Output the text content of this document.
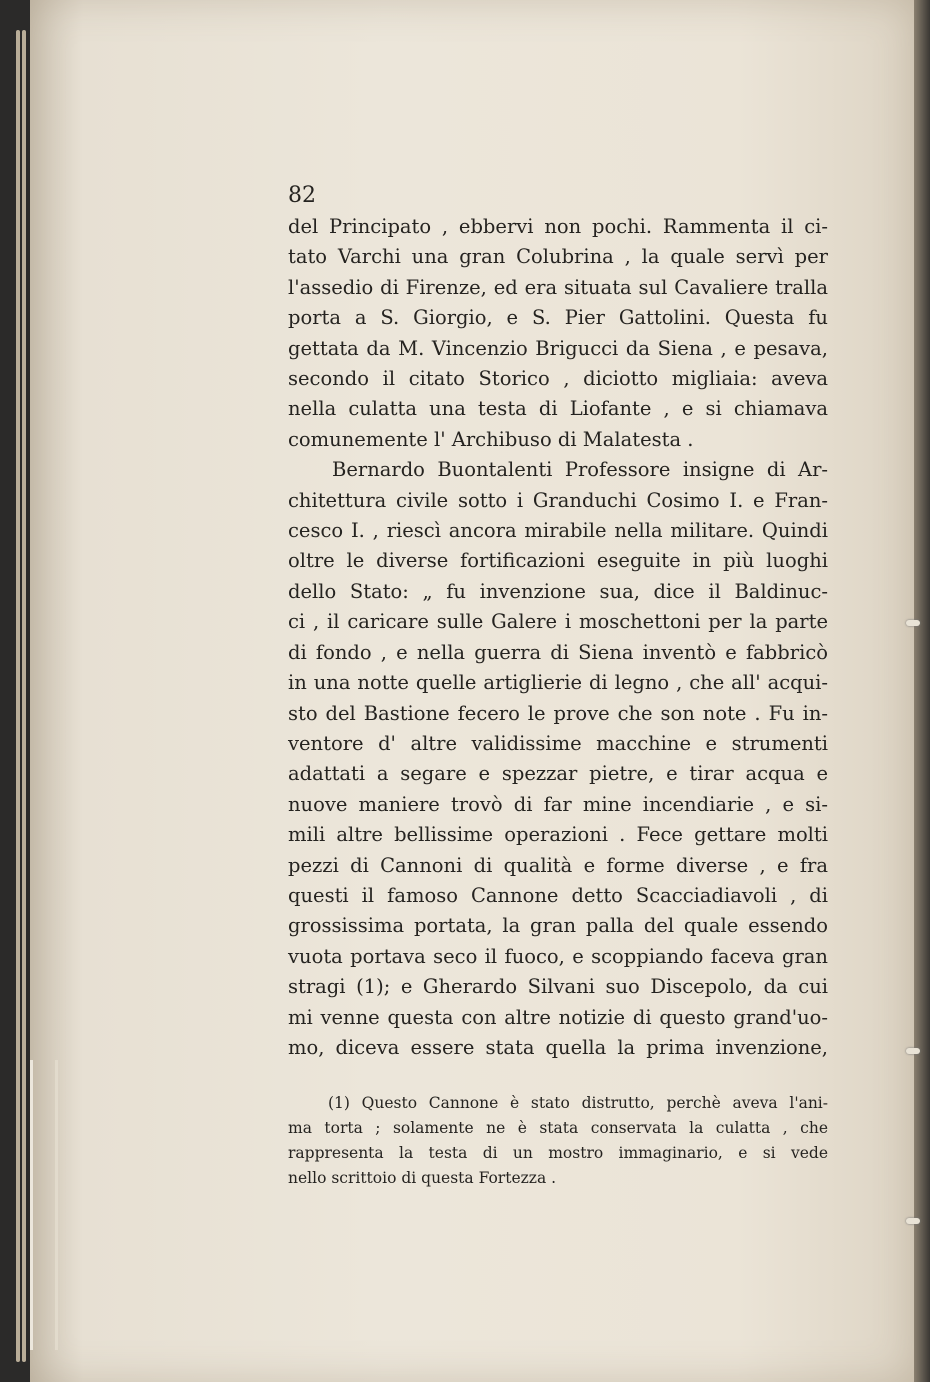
82
del Principato , ebbervi non pochi. Rammenta il ci-
tato Varchi una gran Colubrina , la quale servì per
l'assedio di Firenze, ed era situata sul Cavaliere tralla
porta a S. Giorgio, e S. Pier Gattolini. Questa fu
gettata da M. Vincenzio Brigucci da Siena , e pesava,
secondo il citato Storico , diciotto migliaia: aveva
nella culatta una testa di Liofante , e si chiamava
comunemente l' Archibuso di Malatesta .
Bernardo Buontalenti Professore insigne di Ar-
chitettura civile sotto i Granduchi Cosimo I. e Fran-
cesco I. , riescì ancora mirabile nella militare. Quindi
oltre le diverse fortificazioni eseguite in più luoghi
dello Stato: „ fu invenzione sua, dice il Baldinuc-
ci , il caricare sulle Galere i moschettoni per la parte
di fondo , e nella guerra di Siena inventò e fabbricò
in una notte quelle artiglierie di legno , che all' acqui-
sto del Bastione fecero le prove che son note . Fu in-
ventore d' altre validissime macchine e strumenti
adattati a segare e spezzar pietre, e tirar acqua e
nuove maniere trovò di far mine incendiarie , e si-
mili altre bellissime operazioni . Fece gettare molti
pezzi di Cannoni di qualità e forme diverse , e fra
questi il famoso Cannone detto Scacciadiavoli , di
grossissima portata, la gran palla del quale essendo
vuota portava seco il fuoco, e scoppiando faceva gran
stragi (1); e Gherardo Silvani suo Discepolo, da cui
mi venne questa con altre notizie di questo grand'uo-
mo, diceva essere stata quella la prima invenzione,
(1) Questo Cannone è stato distrutto, perchè aveva l'ani-
ma torta ; solamente ne è stata conservata la culatta , che
rappresenta la testa di un mostro immaginario, e si vede
nello scrittoio di questa Fortezza .
